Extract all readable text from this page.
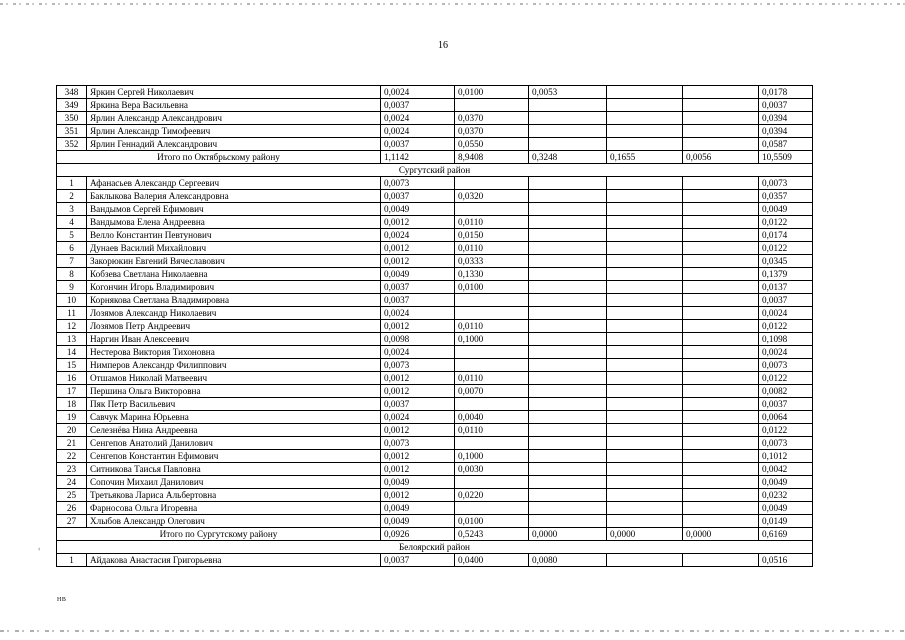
16
348	Яркин Сергей Николаевич	0,0024	0,0100	0,0053			0,0178
349	Яркина Вера Васильевна	0,0037					0,0037
350	Ярлин Александр Александрович	0,0024	0,0370				0,0394
351	Ярлин Александр Тимофеевич	0,0024	0,0370				0,0394
352	Ярлин Геннадий Александрович	0,0037	0,0550				0,0587
Итого по Октябрьскому району		1,1142	8,9408	0,3248	0,1655	0,0056	10,5509
Сургутский район							
1	Афанасьев Александр Сергеевич	0,0073					0,0073
2	Баклыкова Валерия Александровна	0,0037	0,0320				0,0357
3	Вандымов Сергей Ефимович	0,0049					0,0049
4	Вандымова Елена Андреевна	0,0012	0,0110				0,0122
5	Велло Константин Певтунович	0,0024	0,0150				0,0174
6	Дунаев Василий Михайлович	0,0012	0,0110				0,0122
7	Закорюкин Евгений Вячеславович	0,0012	0,0333				0,0345
8	Кобзева Светлана Николаевна	0,0049	0,1330				0,1379
9	Когончин Игорь Владимирович	0,0037	0,0100				0,0137
10	Корнякова Светлана Владимировна	0,0037					0,0037
11	Лозямов Александр Николаевич	0,0024					0,0024
12	Лозямов Петр Андреевич	0,0012	0,0110				0,0122
13	Наргин Иван Алексеевич	0,0098	0,1000				0,1098
14	Нестерова Виктория Тихоновна	0,0024					0,0024
15	Нимперов Александр Филиппович	0,0073					0,0073
16	Отшамов Николай Матвеевич	0,0012	0,0110				0,0122
17	Першина Ольга Викторовна	0,0012	0,0070				0,0082
18	Пяк Петр Васильевич	0,0037					0,0037
19	Савчук Марина Юрьевна	0,0024	0,0040				0,0064
20	Селезнёва Нина Андреевна	0,0012	0,0110				0,0122
21	Сенгепов Анатолий Данилович	0,0073					0,0073
22	Сенгепов Константин Ефимович	0,0012	0,1000				0,1012
23	Ситникова Таисья Павловна	0,0012	0,0030				0,0042
24	Сопочин Михаил Данилович	0,0049					0,0049
25	Третьякова Лариса Альбертовна	0,0012	0,0220				0,0232
26	Фарносова Ольга Игоревна	0,0049					0,0049
27	Хлыбов Александр Олегович	0,0049	0,0100				0,0149
Итого по Сургутскому району		0,0926	0,5243	0,0000	0,0000	0,0000	0,6169
Белоярский район							
1	Айдакова Анастасия Григорьевна	0,0037	0,0400	0,0080			0,0516
‹
НВ
